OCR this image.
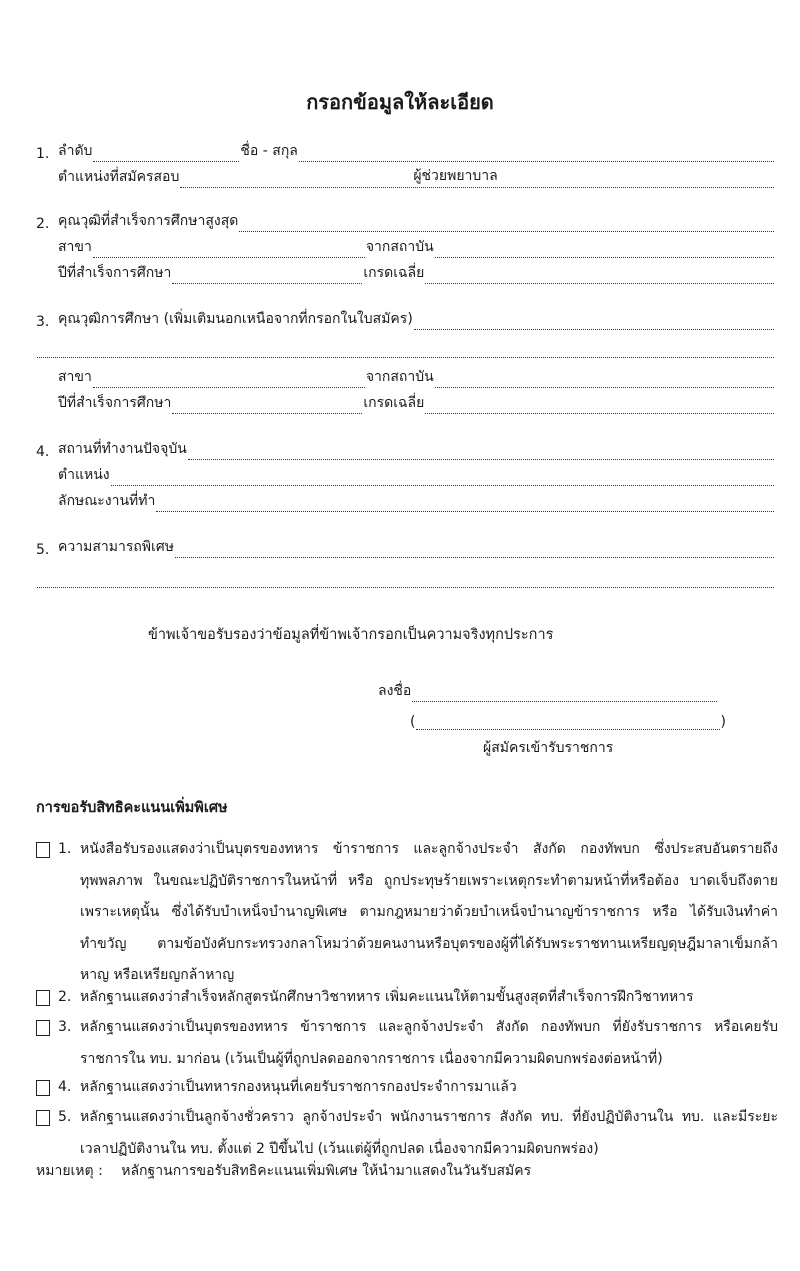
กรอกข้อมูลให้ละเอียด
1. ลำดับ	ชื่อ - สกุล
ตำแหน่งที่สมัครสอบ	ผู้ช่วยพยาบาล
2. คุณวุฒิที่สำเร็จการศึกษาสูงสุด
สาขา	จากสถาบัน
ปีที่สำเร็จการศึกษา	เกรดเฉลี่ย
3. คุณวุฒิการศึกษา (เพิ่มเติมนอกเหนือจากที่กรอกในใบสมัคร)
สาขา	จากสถาบัน
ปีที่สำเร็จการศึกษา	เกรดเฉลี่ย
4. สถานที่ทำงานปัจจุบัน
ตำแหน่ง
ลักษณะงานที่ทำ
5. ความสามารถพิเศษ
ข้าพเจ้าขอรับรองว่าข้อมูลที่ข้าพเจ้ากรอกเป็นความจริงทุกประการ
ลงชื่อ
(	)
ผู้สมัครเข้ารับราชการ
การขอรับสิทธิคะแนนเพิ่มพิเศษ
1. หนังสือรับรองแสดงว่าเป็นบุตรของทหาร ข้าราชการ และลูกจ้างประจำ สังกัด กองทัพบก ซึ่งประสบอันตรายถึง ทุพพลภาพ ในขณะปฏิบัติราชการในหน้าที่ หรือ ถูกประทุษร้ายเพราะเหตุกระทำตามหน้าที่หรือต้อง บาดเจ็บถึงตาย เพราะเหตุนั้น ซึ่งได้รับบำเหน็จบำนาญพิเศษ ตามกฎหมายว่าด้วยบำเหน็จบำนาญข้าราชการ หรือ ได้รับเงินทำค่าทำขวัญ ตามข้อบังคับกระทรวงกลาโหมว่าด้วยคนงานหรือบุตรของผู้ที่ได้รับพระราชทานเหรียญดุษฎีมาลาเข็มกล้าหาญ หรือเหรียญกล้าหาญ
2. หลักฐานแสดงว่าสำเร็จหลักสูตรนักศึกษาวิชาทหาร เพิ่มคะแนนให้ตามขั้นสูงสุดที่สำเร็จการฝึกวิชาทหาร
3. หลักฐานแสดงว่าเป็นบุตรของทหาร ข้าราชการ และลูกจ้างประจำ สังกัด กองทัพบก ที่ยังรับราชการ หรือเคยรับราชการใน ทบ. มาก่อน (เว้นเป็นผู้ที่ถูกปลดออกจากราชการ เนื่องจากมีความผิดบกพร่องต่อหน้าที่)
4. หลักฐานแสดงว่าเป็นทหารกองหนุนที่เคยรับราชการกองประจำการมาแล้ว
5. หลักฐานแสดงว่าเป็นลูกจ้างชั่วคราว ลูกจ้างประจำ พนักงานราชการ สังกัด ทบ. ที่ยังปฏิบัติงานใน ทบ. และมีระยะเวลาปฏิบัติงานใน ทบ. ตั้งแต่ 2 ปีขึ้นไป (เว้นแต่ผู้ที่ถูกปลด เนื่องจากมีความผิดบกพร่อง)
หมายเหตุ : หลักฐานการขอรับสิทธิคะแนนเพิ่มพิเศษ ให้นำมาแสดงในวันรับสมัคร
